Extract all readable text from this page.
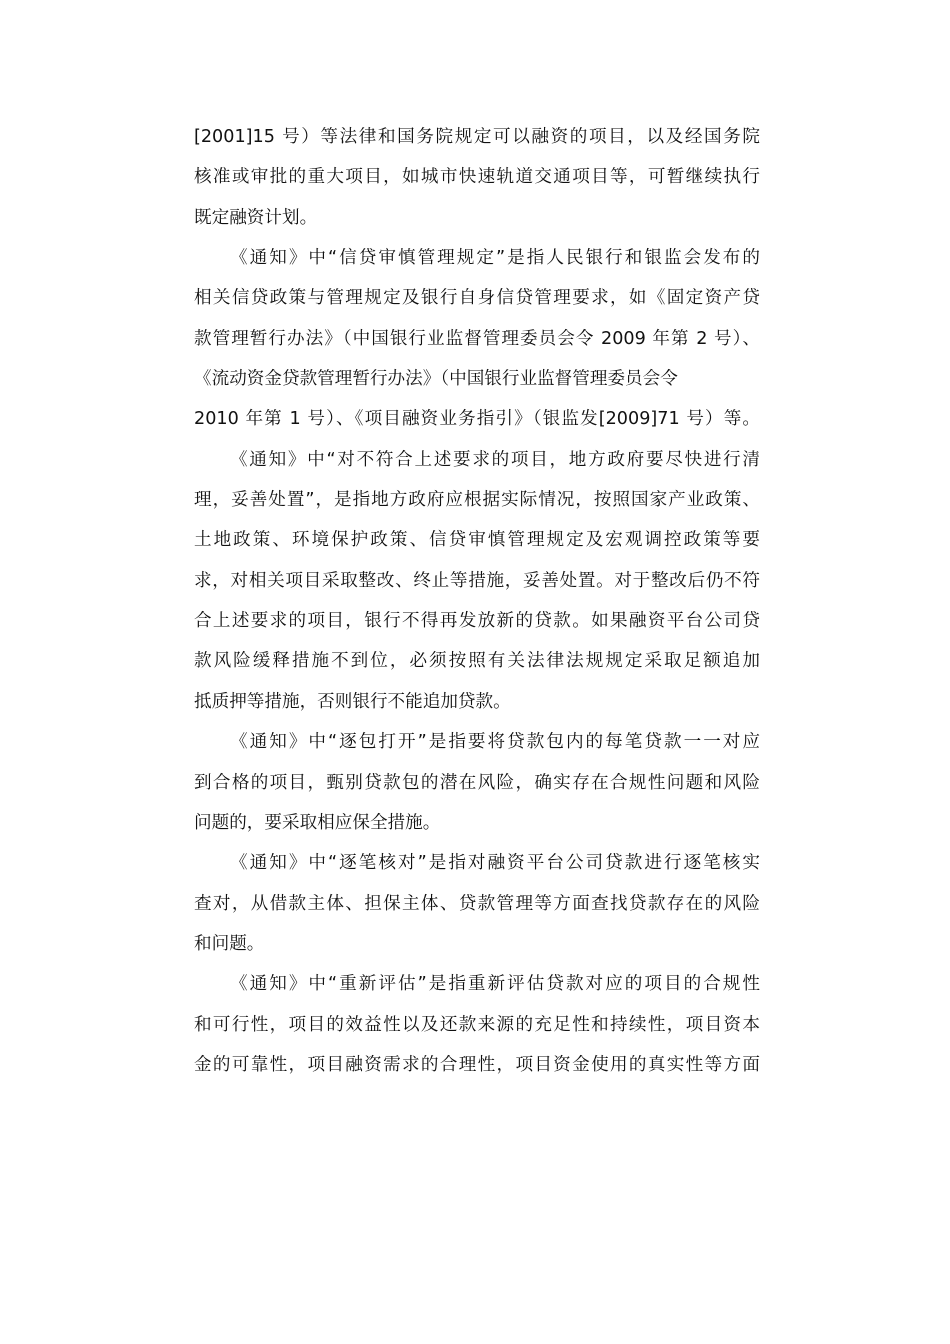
[2001]15 号）等法律和国务院规定可以融资的项目，以及经国务院
核准或审批的重大项目，如城市快速轨道交通项目等，可暂继续执行
既定融资计划。
《通知》中“信贷审慎管理规定”是指人民银行和银监会发布的
相关信贷政策与管理规定及银行自身信贷管理要求，如《固定资产贷
款管理暂行办法》（中国银行业监督管理委员会令 2009 年第 2 号）、
《流动资金贷款管理暂行办法》（中国银行业监督管理委员会令
2010 年第 1 号）、《项目融资业务指引》（银监发[2009]71 号）等。
《通知》中“对不符合上述要求的项目，地方政府要尽快进行清
理，妥善处置”，是指地方政府应根据实际情况，按照国家产业政策、
土地政策、环境保护政策、信贷审慎管理规定及宏观调控政策等要
求，对相关项目采取整改、终止等措施，妥善处置。对于整改后仍不符
合上述要求的项目，银行不得再发放新的贷款。如果融资平台公司贷
款风险缓释措施不到位，必须按照有关法律法规规定采取足额追加
抵质押等措施，否则银行不能追加贷款。
《通知》中“逐包打开”是指要将贷款包内的每笔贷款一一对应
到合格的项目，甄别贷款包的潜在风险，确实存在合规性问题和风险
问题的，要采取相应保全措施。
《通知》中“逐笔核对”是指对融资平台公司贷款进行逐笔核实
查对，从借款主体、担保主体、贷款管理等方面查找贷款存在的风险
和问题。
《通知》中“重新评估”是指重新评估贷款对应的项目的合规性
和可行性，项目的效益性以及还款来源的充足性和持续性，项目资本
金的可靠性，项目融资需求的合理性，项目资金使用的真实性等方面
